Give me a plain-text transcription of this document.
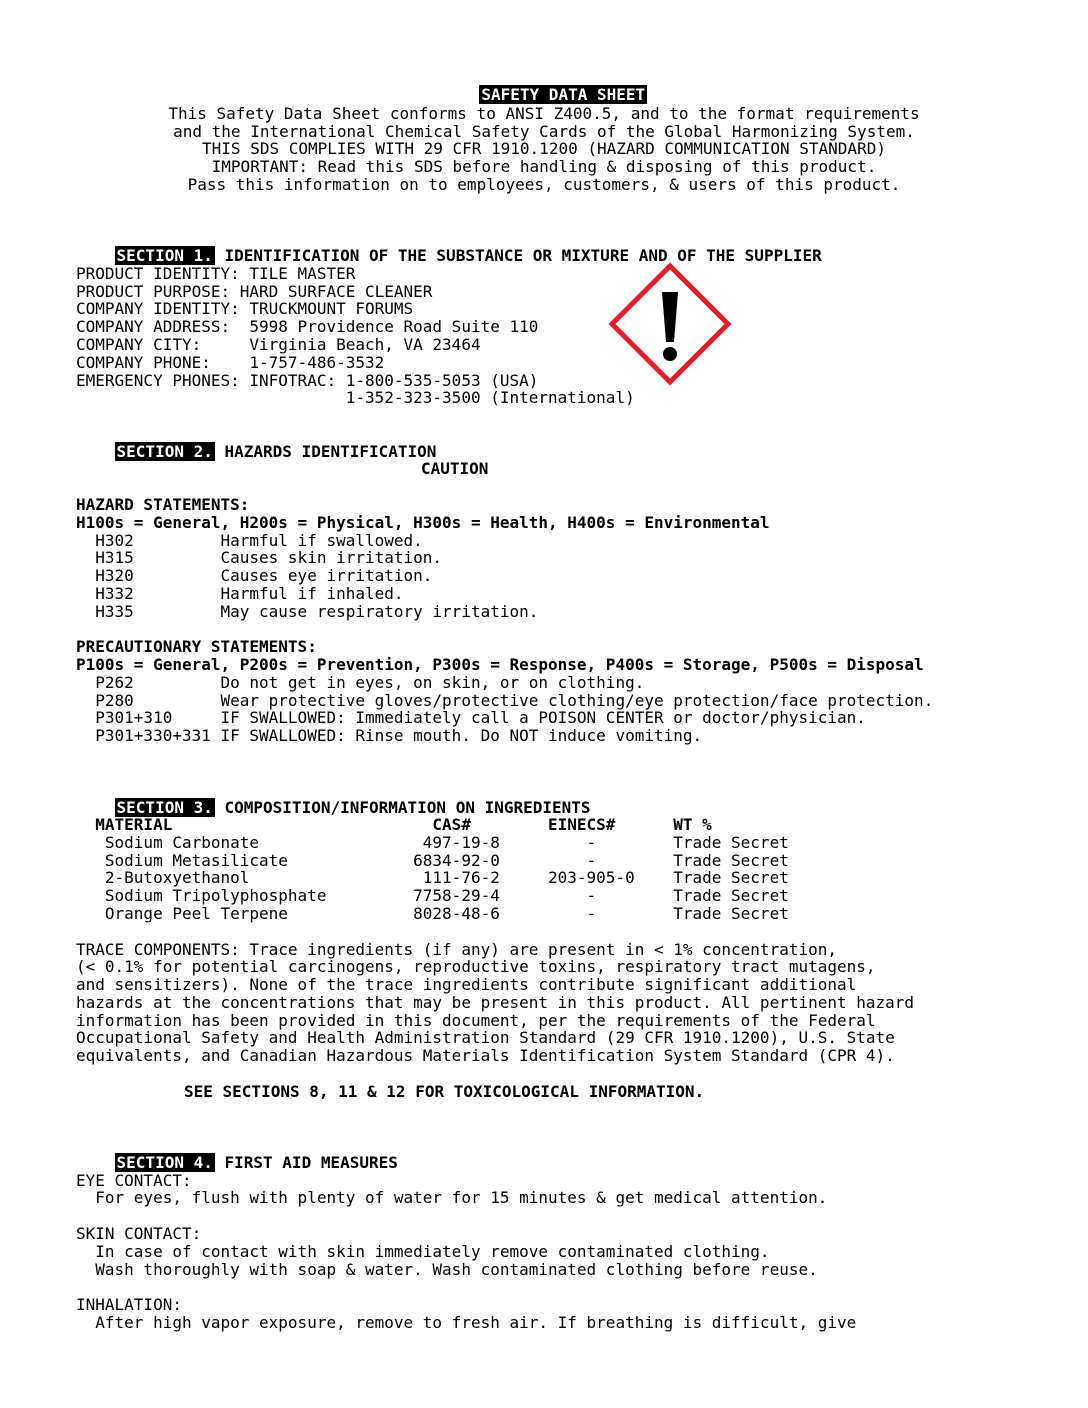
SAFETY DATA SHEET

This Safety Data Sheet conforms to ANSI Z400.5, and to the format requirements
and the International Chemical Safety Cards of the Global Harmonizing System.
THIS SDS COMPLIES WITH 29 CFR 1910.1200 (HAZARD COMMUNICATION STANDARD)
IMPORTANT: Read this SDS before handling & disposing of this product.
Pass this information on to employees, customers, & users of this product.

SECTION 1. IDENTIFICATION OF THE SUBSTANCE OR MIXTURE AND OF THE SUPPLIER

PRODUCT IDENTITY: TILE MASTER
PRODUCT PURPOSE: HARD SURFACE CLEANER
COMPANY IDENTITY: TRUCKMOUNT FORUMS
COMPANY ADDRESS:  5998 Providence Road Suite 110
COMPANY CITY:     Virginia Beach, VA 23464
COMPANY PHONE:    1-757-486-3532
EMERGENCY PHONES: INFOTRAC: 1-800-535-5053 (USA)
1-352-323-3500 (International)

SECTION 2. HAZARDS IDENTIFICATION

CAUTION
HAZARD STATEMENTS:
H100s = General, H200s = Physical, H300s = Health, H400s = Environmental
H302         Harmful if swallowed.
H315         Causes skin irritation.
H320         Causes eye irritation.
H332         Harmful if inhaled.
H335         May cause respiratory irritation.
PRECAUTIONARY STATEMENTS:
P100s = General, P200s = Prevention, P300s = Response, P400s = Storage, P500s = Disposal
P262         Do not get in eyes, on skin, or on clothing.
P280         Wear protective gloves/protective clothing/eye protection/face protection.
P301+310     IF SWALLOWED: Immediately call a POISON CENTER or doctor/physician.
P301+330+331 IF SWALLOWED: Rinse mouth. Do NOT induce vomiting.

SECTION 3. COMPOSITION/INFORMATION ON INGREDIENTS

MATERIAL                           CAS#        EINECS#      WT %
Sodium Carbonate                 497-19-8         -        Trade Secret
Sodium Metasilicate             6834-92-0         -        Trade Secret
2-Butoxyethanol                  111-76-2     203-905-0    Trade Secret
Sodium Tripolyphosphate         7758-29-4         -        Trade Secret
Orange Peel Terpene             8028-48-6         -        Trade Secret
TRACE COMPONENTS: Trace ingredients (if any) are present in < 1% concentration,
(< 0.1% for potential carcinogens, reproductive toxins, respiratory tract mutagens,
and sensitizers). None of the trace ingredients contribute significant additional
hazards at the concentrations that may be present in this product. All pertinent hazard
information has been provided in this document, per the requirements of the Federal
Occupational Safety and Health Administration Standard (29 CFR 1910.1200), U.S. State
equivalents, and Canadian Hazardous Materials Identification System Standard (CPR 4).
SEE SECTIONS 8, 11 & 12 FOR TOXICOLOGICAL INFORMATION.

SECTION 4. FIRST AID MEASURES

EYE CONTACT:
For eyes, flush with plenty of water for 15 minutes & get medical attention.
SKIN CONTACT:
In case of contact with skin immediately remove contaminated clothing.
Wash thoroughly with soap & water. Wash contaminated clothing before reuse.
INHALATION:
After high vapor exposure, remove to fresh air. If breathing is difficult, give
